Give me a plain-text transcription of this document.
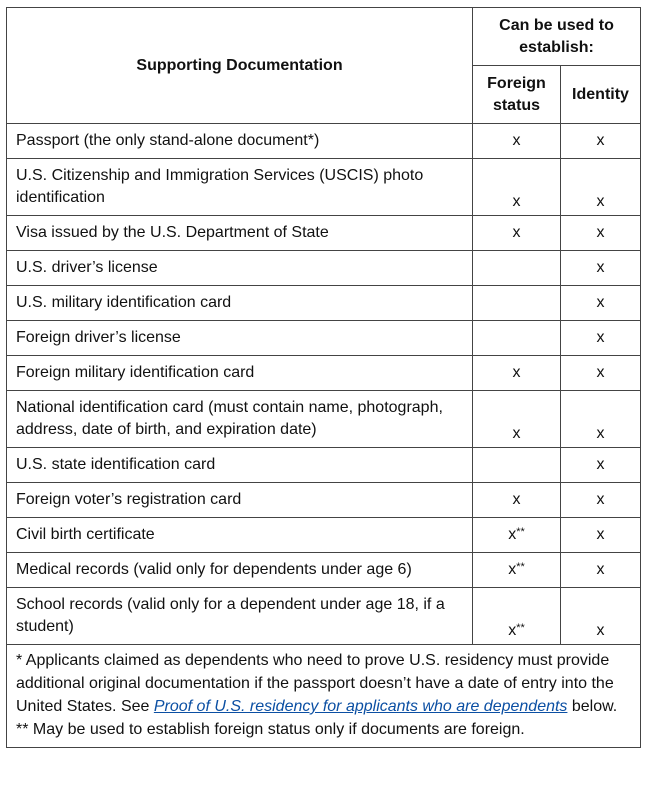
Supporting Documentation	Can be used to establish:	
	Foreign status	Identity
Passport (the only stand-alone document*)	x	x
U.S. Citizenship and Immigration Services (USCIS) photo identification	x	x
Visa issued by the U.S. Department of State	x	x
U.S. driver’s license		x
U.S. military identification card		x
Foreign driver’s license		x
Foreign military identification card	x	x
National identification card (must contain name, photograph, address, date of birth, and expiration date)	x	x
U.S. state identification card		x
Foreign voter’s registration card	x	x
Civil birth certificate	x**	x
Medical records (valid only for dependents under age 6)	x**	x
School records (valid only for a dependent under age 18, if a student)	x**	x

* Applicants claimed as dependents who need to prove U.S. residency must provide additional original documentation if the passport doesn’t have a date of entry into the United States. See Proof of U.S. residency for applicants who are dependents below.
** May be used to establish foreign status only if documents are foreign.		
